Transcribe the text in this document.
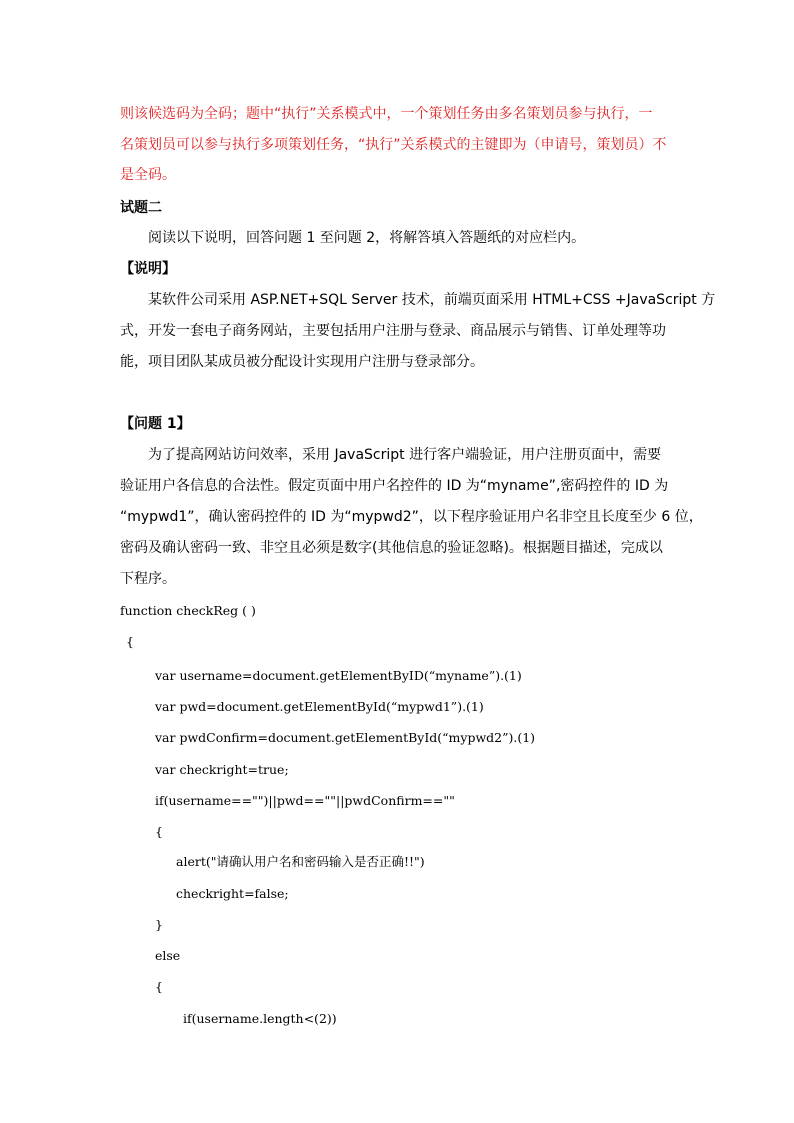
则该候选码为全码；题中“执行”关系模式中，一个策划任务由多名策划员参与执行，一
名策划员可以参与执行多项策划任务，“执行”关系模式的主键即为（申请号，策划员）不
是全码。
试题二
阅读以下说明，回答问题 1 至问题 2，将解答填入答题纸的对应栏内。
【说明】
某软件公司采用 ASP.NET+SQL Server 技术，前端页面采用 HTML+CSS +JavaScript 方
式，开发一套电子商务网站，主要包括用户注册与登录、商品展示与销售、订单处理等功
能，项目团队某成员被分配设计实现用户注册与登录部分。
【问题 1】
为了提高网站访问效率，采用 JavaScript 进行客户端验证，用户注册页面中，需要
验证用户各信息的合法性。假定页面中用户名控件的 ID 为“myname”,密码控件的 ID 为
“mypwd1”，确认密码控件的 ID 为“mypwd2”，以下程序验证用户名非空且长度至少 6 位，
密码及确认密码一致、非空且必须是数字(其他信息的验证忽略)。根据题目描述，完成以
下程序。
function checkReg ( )
{
var username=document.getElementByID(“myname”).(1)
var pwd=document.getElementById(“mypwd1”).(1)
var pwdConfirm=document.getElementById(“mypwd2”).(1)
var checkright=true;
if(username=="")||pwd==""||pwdConfirm==""
{
alert("请确认用户名和密码输入是否正确!!")
checkright=false;
}
else
{
if(username.length<(2))
